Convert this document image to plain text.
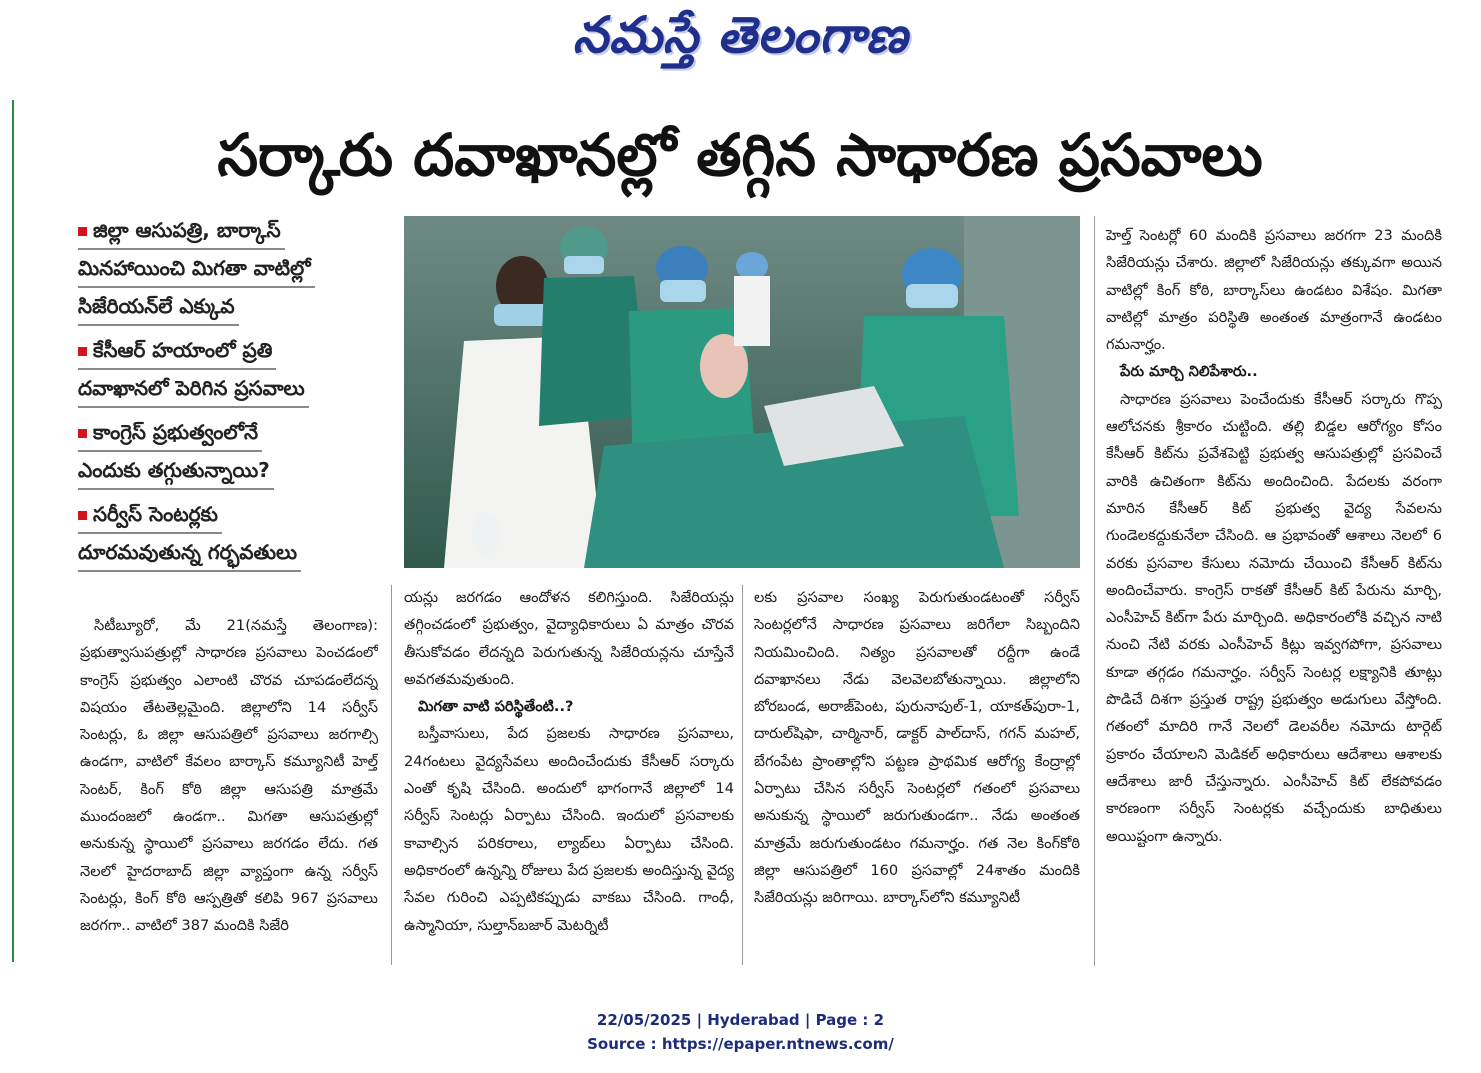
నమస్తే తెలంగాణ
సర్కారు దవాఖానల్లో తగ్గిన సాధారణ ప్రసవాలు
జిల్లా ఆసుపత్రి, బార్కాస్
మినహాయించి మిగతా వాటిల్లో
సిజేరియన్‌లే ఎక్కువ
కేసీఆర్ హయాంలో ప్రతి
దవాఖానలో పెరిగిన ప్రసవాలు
కాంగ్రెస్ ప్రభుత్వంలోనే
ఎందుకు తగ్గుతున్నాయి?
సర్వీస్ సెంటర్లకు
దూరమవుతున్న గర్భవతులు

సిటీబ్యూరో, మే 21(నమస్తే తెలంగాణ): ప్రభుత్వాసుపత్రుల్లో సాధారణ ప్రసవాలు పెంచడంలో కాంగ్రెస్ ప్రభుత్వం ఎలాంటి చొరవ చూపడంలేదన్న విషయం తేటతెల్లమైంది. జిల్లాలోని 14 సర్వీస్ సెంటర్లు, ఓ జిల్లా ఆసుపత్రిలో ప్రసవాలు జరగాల్సి ఉండగా, వాటిలో కేవలం బార్కాస్ కమ్యూనిటీ హెల్త్ సెంటర్, కింగ్ కోఠి జిల్లా ఆసుపత్రి మాత్రమే ముందంజలో ఉండగా.. మిగతా ఆసుపత్రుల్లో అనుకున్న స్థాయిలో ప్రసవాలు జరగడం లేదు. గత నెలలో హైదరాబాద్ జిల్లా వ్యాప్తంగా ఉన్న సర్వీస్ సెంటర్లు, కింగ్ కోఠి ఆస్పత్రితో కలిపి 967 ప్రసవాలు జరగగా.. వాటిలో 387 మందికి సిజేరి

యన్లు జరగడం ఆందోళన కలిగిస్తుంది. సిజేరియన్లు తగ్గించడంలో ప్రభుత్వం, వైద్యాధికారులు ఏ మాత్రం చొరవ తీసుకోవడం లేదన్నది పెరుగుతున్న సిజేరియన్లను చూస్తేనే అవగతమవుతుంది.

మిగతా వాటి పరిస్థితేంటి..?

బస్తీవాసులు, పేద ప్రజలకు సాధారణ ప్రసవాలు, 24గంటలు వైద్యసేవలు అందించేందుకు కేసీఆర్ సర్కారు ఎంతో కృషి చేసింది. అందులో భాగంగానే జిల్లాలో 14 సర్వీస్ సెంటర్లు ఏర్పాటు చేసింది. ఇందులో ప్రసవాలకు కావాల్సిన పరికరాలు, ల్యాబ్‌లు ఏర్పాటు చేసింది. అధికారంలో ఉన్నన్ని రోజులు పేద ప్రజలకు అందిస్తున్న వైద్య సేవల గురించి ఎప్పటికప్పుడు వాకబు చేసింది. గాంధీ, ఉస్మానియా, సుల్తాన్‌బజార్ మెటర్నిటీ

లకు ప్రసవాల సంఖ్య పెరుగుతుండటంతో సర్వీస్ సెంటర్లలోనే సాధారణ ప్రసవాలు జరిగేలా సిబ్బందిని నియమించింది. నిత్యం ప్రసవాలతో రద్దీగా ఉండే దవాఖానలు నేడు వెలవెలబోతున్నాయి. జిల్లాలోని బోరబండ, అరాజ్‌పెంట, పురునాపుల్-1, యాకత్‌పురా-1, దారుల్‌షిఫా, చార్మినార్, డాక్టర్ పాల్‌దాస్, గగన్ మహల్, బేగంపేట ప్రాంతాల్లోని పట్టణ ప్రాథమిక ఆరోగ్య కేంద్రాల్లో ఏర్పాటు చేసిన సర్వీస్ సెంటర్లలో గతంలో ప్రసవాలు అనుకున్న స్థాయిలో జరుగుతుండగా.. నేడు అంతంత మాత్రమే జరుగుతుండటం గమనార్హం. గత నెల కింగ్‌కోఠి జిల్లా ఆసుపత్రిలో 160 ప్రసవాల్లో 24శాతం మందికి సిజేరియన్లు జరిగాయి. బార్కాస్‌లోని కమ్యూనిటీ

హెల్త్ సెంటర్లో 60 మందికి ప్రసవాలు జరగగా 23 మందికి సిజేరియన్లు చేశారు. జిల్లాలో సిజేరియన్లు తక్కువగా అయిన వాటిల్లో కింగ్ కోఠి, బార్కాస్‌లు ఉండటం విశేషం. మిగతా వాటిల్లో మాత్రం పరిస్థితి అంతంత మాత్రంగానే ఉండటం గమనార్హం.

పేరు మార్చి నిలిపేశారు..

సాధారణ ప్రసవాలు పెంచేందుకు కేసీఆర్ సర్కారు గొప్ప ఆలోచనకు శ్రీకారం చుట్టింది. తల్లి బిడ్డల ఆరోగ్యం కోసం కేసీఆర్ కిట్‌ను ప్రవేశపెట్టి ప్రభుత్వ ఆసుపత్రుల్లో ప్రసవించే వారికి ఉచితంగా కిట్‌ను అందించింది. పేదలకు వరంగా మారిన కేసీఆర్ కిట్ ప్రభుత్వ వైద్య సేవలను గుండెలకద్దుకునేలా చేసింది. ఆ ప్రభావంతో ఆశాలు నెలలో 6 వరకు ప్రసవాల కేసులు నమోదు చేయించి కేసీఆర్ కిట్‌ను అందించేవారు. కాంగ్రెస్ రాకతో కేసీఆర్ కిట్ పేరును మార్చి, ఎంసీహెచ్ కిట్‌గా పేరు మార్చింది. అధికారంలోకి వచ్చిన నాటి నుంచి నేటి వరకు ఎంసీహెచ్ కిట్లు ఇవ్వగపోగా, ప్రసవాలు కూడా తగ్గడం గమనార్హం. సర్వీస్ సెంటర్ల లక్ష్యానికి తూట్లు పొడిచే దిశగా ప్రస్తుత రాష్ట్ర ప్రభుత్వం అడుగులు వేస్తోంది. గతంలో మాదిరి గానే నెలలో డెలవరీల నమోదు టార్గెట్ ప్రకారం చేయాలని మెడికల్ అధికారులు ఆదేశాలు ఆశాలకు ఆదేశాలు జారీ చేస్తున్నారు. ఎంసీహెచ్ కిట్ లేకపోవడం కారణంగా సర్వీస్ సెంటర్లకు వచ్చేందుకు బాధితులు అయిష్టంగా ఉన్నారు.

22/05/2025 | Hyderabad | Page : 2
Source : https://epaper.ntnews.com/
